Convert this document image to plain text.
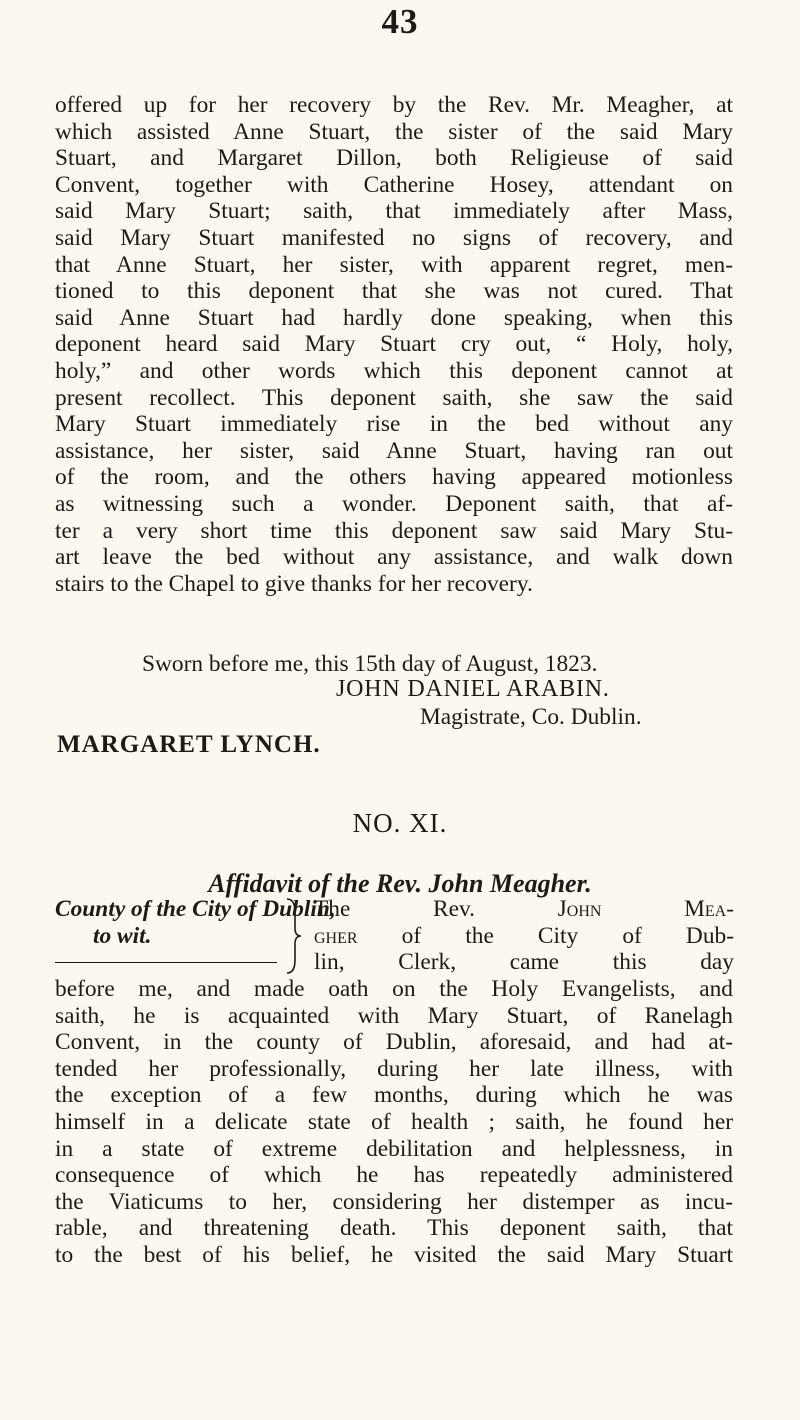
43
offered up for her recovery by the Rev. Mr. Meagher, at
which assisted Anne Stuart, the sister of the said Mary
Stuart, and Margaret Dillon, both Religieuse of said
Convent, together with Catherine Hosey, attendant on
said Mary Stuart; saith, that immediately after Mass,
said Mary Stuart manifested no signs of recovery, and
that Anne Stuart, her sister, with apparent regret, men-
tioned to this deponent that she was not cured. That
said Anne Stuart had hardly done speaking, when this
deponent heard said Mary Stuart cry out, “ Holy, holy,
holy,” and other words which this deponent cannot at
present recollect. This deponent saith, she saw the said
Mary Stuart immediately rise in the bed without any
assistance, her sister, said Anne Stuart, having ran out
of the room, and the others having appeared motionless
as witnessing such a wonder. Deponent saith, that af-
ter a very short time this deponent saw said Mary Stu-
art leave the bed without any assistance, and walk down
stairs to the Chapel to give thanks for her recovery.
Sworn before me, this 15th day of August, 1823.
JOHN DANIEL ARABIN.
Magistrate, Co. Dublin.
MARGARET LYNCH.
NO. XI.
Affidavit of the Rev. John Meagher.
County of the City of Dublin,
to wit.
The Rev. John Mea-
gher of the City of Dub-
lin, Clerk, came this day
before me, and made oath on the Holy Evangelists, and
saith, he is acquainted with Mary Stuart, of Ranelagh
Convent, in the county of Dublin, aforesaid, and had at-
tended her professionally, during her late illness, with
the exception of a few months, during which he was
himself in a delicate state of health ; saith, he found her
in a state of extreme debilitation and helplessness, in
consequence of which he has repeatedly administered
the Viaticums to her, considering her distemper as incu-
rable, and threatening death. This deponent saith, that
to the best of his belief, he visited the said Mary Stuart
